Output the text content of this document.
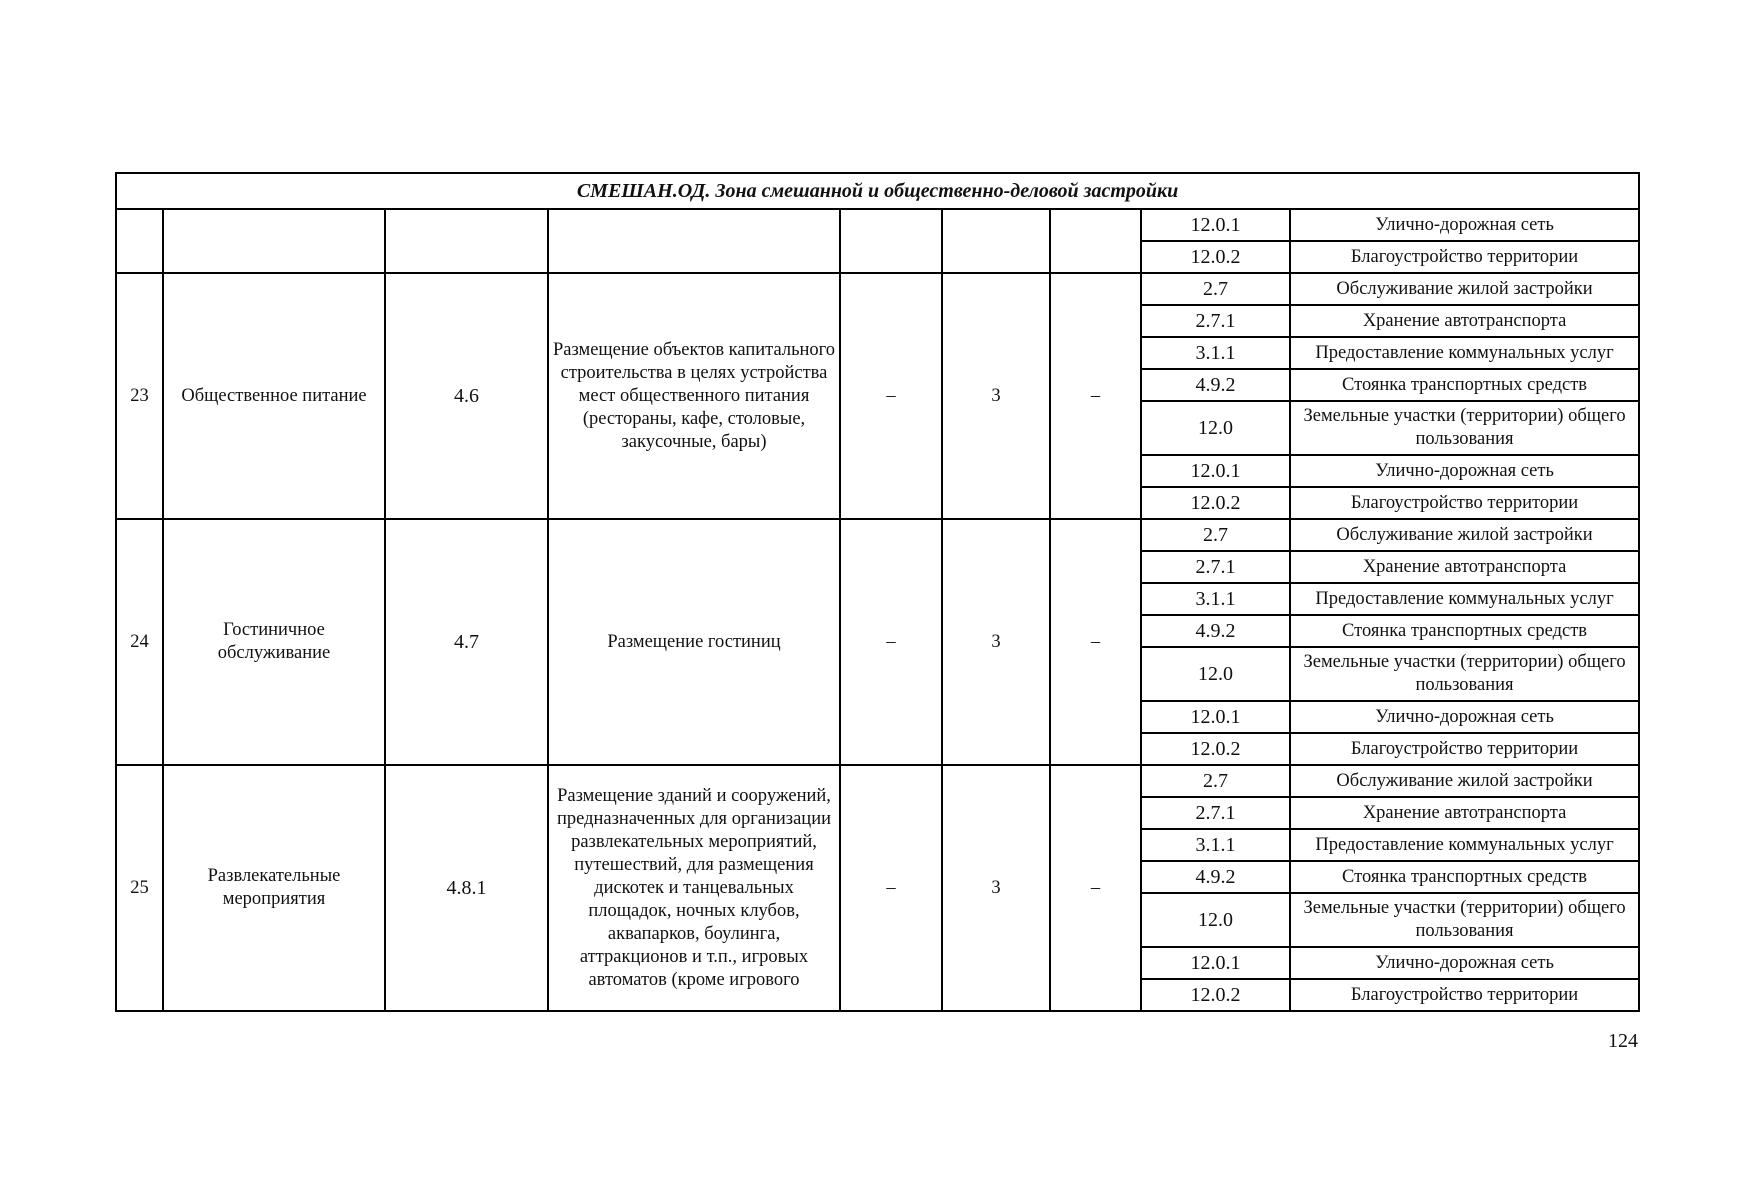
СМЕШАН.ОД. Зона смешанной и общественно-деловой застройки								
							12.0.1	Улично-дорожная сеть
							12.0.2	Благоустройство территории
23	Общественное питание	4.6	Размещение объектов капитального строительства в целях устройства мест общественного питания (рестораны, кафе, столовые, закусочные, бары)	–	3	–	2.7	Обслуживание жилой застройки
							2.7.1	Хранение автотранспорта
							3.1.1	Предоставление коммунальных услуг
							4.9.2	Стоянка транспортных средств
							12.0	Земельные участки (территории) общего пользования
							12.0.1	Улично-дорожная сеть
							12.0.2	Благоустройство территории
24	Гостиничное обслуживание	4.7	Размещение гостиниц	–	3	–	2.7	Обслуживание жилой застройки
							2.7.1	Хранение автотранспорта
							3.1.1	Предоставление коммунальных услуг
							4.9.2	Стоянка транспортных средств
							12.0	Земельные участки (территории) общего пользования
							12.0.1	Улично-дорожная сеть
							12.0.2	Благоустройство территории
25	Развлекательные мероприятия	4.8.1	Размещение зданий и сооружений, предназначенных для организации развлекательных мероприятий, путешествий, для размещения дискотек и танцевальных площадок, ночных клубов, аквапарков, боулинга, аттракционов и т.п., игровых автоматов (кроме игрового	–	3	–	2.7	Обслуживание жилой застройки
							2.7.1	Хранение автотранспорта
							3.1.1	Предоставление коммунальных услуг
							4.9.2	Стоянка транспортных средств
							12.0	Земельные участки (территории) общего пользования
							12.0.1	Улично-дорожная сеть
							12.0.2	Благоустройство территории
124
